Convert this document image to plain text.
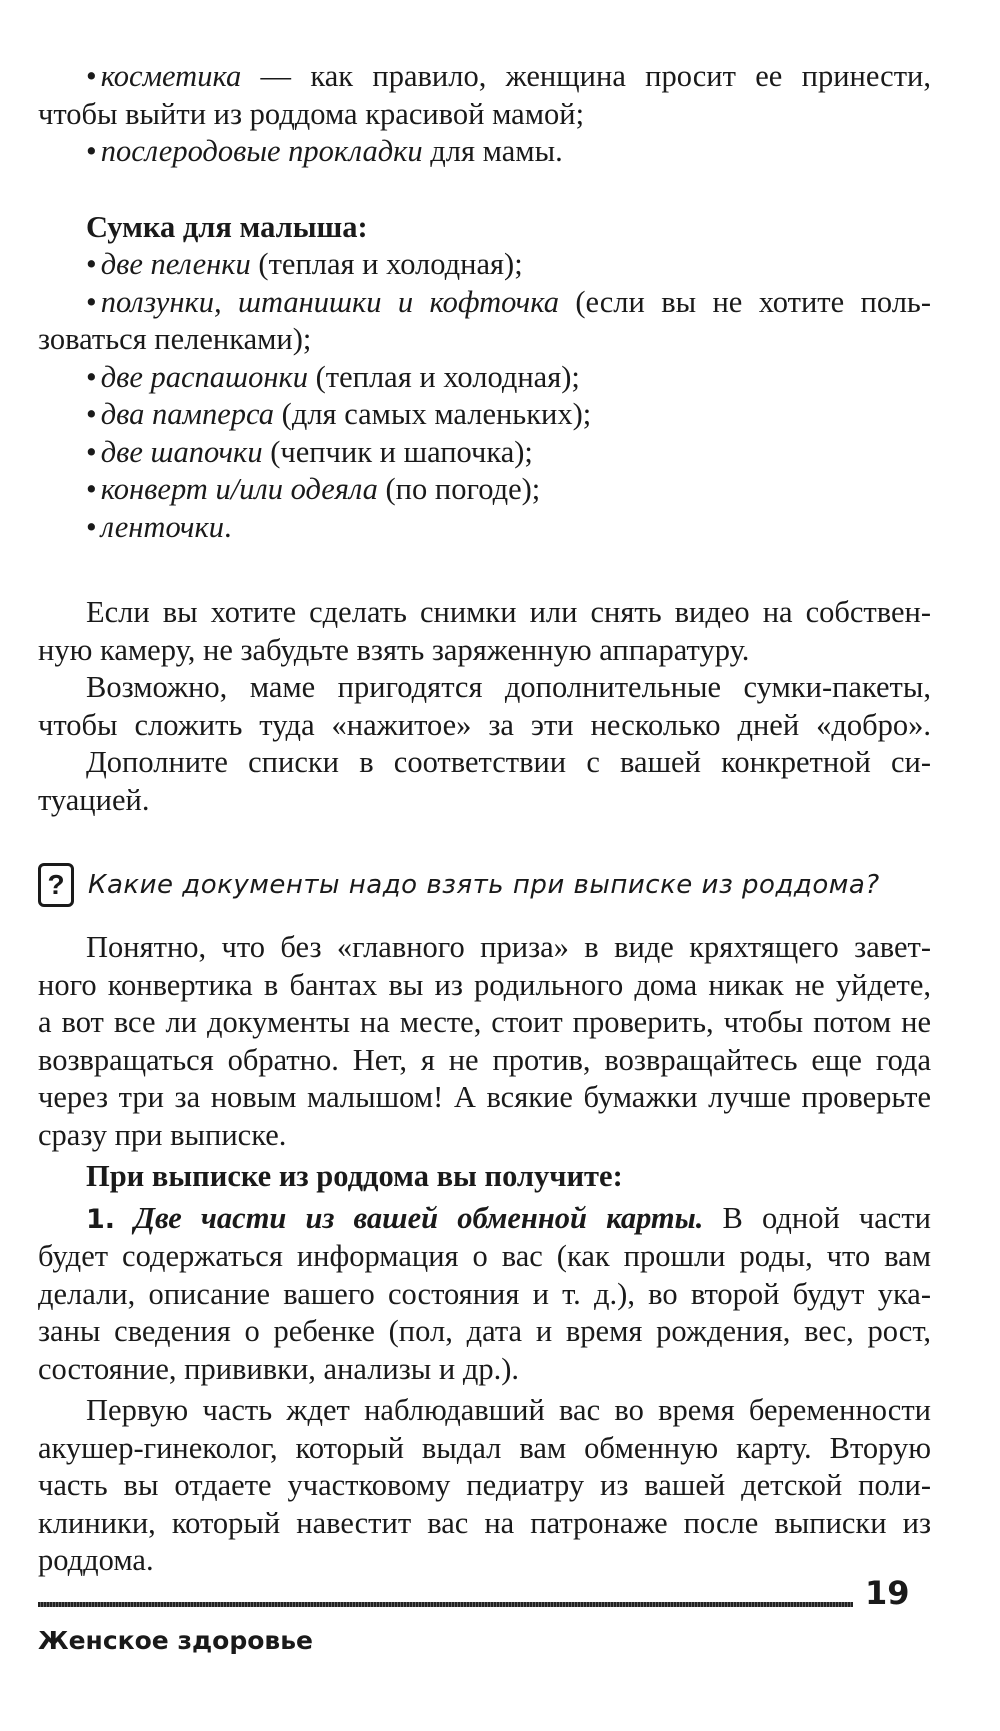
• косметика — как правило, женщина просит ее принести,
чтобы выйти из роддома красивой мамой;
• послеродовые прокладки для мамы.
Сумка для малыша:
• две пеленки (теплая и холодная);
• ползунки, штанишки и кофточка (если вы не хотите поль-
зоваться пеленками);
• две распашонки (теплая и холодная);
• два памперса (для самых маленьких);
• две шапочки (чепчик и шапочка);
• конверт и/или одеяла (по погоде);
• ленточки.
Если вы хотите сделать снимки или снять видео на собствен-
ную камеру, не забудьте взять заряженную аппаратуру.
Возможно, маме пригодятся дополнительные сумки-пакеты,
чтобы сложить туда «нажитое» за эти несколько дней «добро».
Дополните списки в соответствии с вашей конкретной си-
туацией.
? Какие документы надо взять при выписке из роддома?
Понятно, что без «главного приза» в виде кряхтящего завет-
ного конвертика в бантах вы из родильного дома никак не уйдете,
а вот все ли документы на месте, стоит проверить, чтобы потом не
возвращаться обратно. Нет, я не против, возвращайтесь еще года
через три за новым малышом! А всякие бумажки лучше проверьте
сразу при выписке.
При выписке из роддома вы получите:
1. Две части из вашей обменной карты. В одной части
будет содержаться информация о вас (как прошли роды, что вам
делали, описание вашего состояния и т. д.), во второй будут ука-
заны сведения о ребенке (пол, дата и время рождения, вес, рост,
состояние, прививки, анализы и др.).
Первую часть ждет наблюдавший вас во время беременности
акушер-гинеколог, который выдал вам обменную карту. Вторую
часть вы отдаете участковому педиатру из вашей детской поли-
клиники, который навестит вас на патронаже после выписки из
роддома.
19
Женское здоровье
